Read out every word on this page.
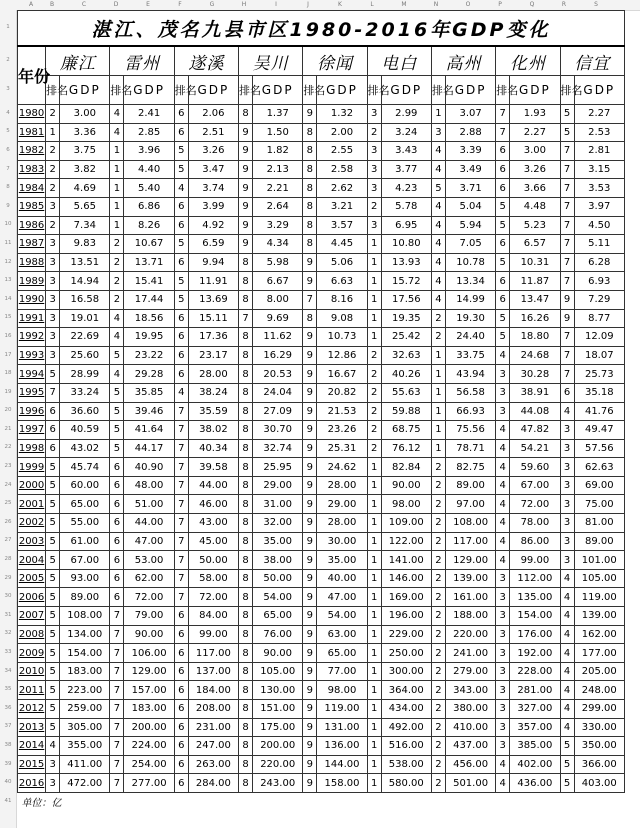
A	B	C	D	E	F	G	H	I	J	K	L	M	N	O	P	Q	R	S
1
2
3
4
5
6
7
8
9
10
11
12
13
14
15
16
17
18
19
20
21
22
23
24
25
26
27
28
29
30
31
32
33
34
35
36
37
38
39
40
41
湛江、茂名九县市区1980-2016年GDP变化																		
年份	廉江		雷州		遂溪		吴川		徐闻		电白		高州		化州		信宜	
	排名	GDP	排名	GDP	排名	GDP	排名	GDP	排名	GDP	排名	GDP	排名	GDP	排名	GDP	排名	GDP
1980	2	3.00	4	2.41	6	2.06	8	1.37	9	1.32	3	2.99	1	3.07	7	1.93	5	2.27
1981	1	3.36	4	2.85	6	2.51	9	1.50	8	2.00	2	3.24	3	2.88	7	2.27	5	2.53
1982	2	3.75	1	3.96	5	3.26	9	1.82	8	2.55	3	3.43	4	3.39	6	3.00	7	2.81
1983	2	3.82	1	4.40	5	3.47	9	2.13	8	2.58	3	3.77	4	3.49	6	3.26	7	3.15
1984	2	4.69	1	5.40	4	3.74	9	2.21	8	2.62	3	4.23	5	3.71	6	3.66	7	3.53
1985	3	5.65	1	6.86	6	3.99	9	2.64	8	3.21	2	5.78	4	5.04	5	4.48	7	3.97
1986	2	7.34	1	8.26	6	4.92	9	3.29	8	3.57	3	6.95	4	5.94	5	5.23	7	4.50
1987	3	9.83	2	10.67	5	6.59	9	4.34	8	4.45	1	10.80	4	7.05	6	6.57	7	5.11
1988	3	13.51	2	13.71	6	9.94	8	5.98	9	5.06	1	13.93	4	10.78	5	10.31	7	6.28
1989	3	14.94	2	15.41	5	11.91	8	6.67	9	6.63	1	15.72	4	13.34	6	11.87	7	6.93
1990	3	16.58	2	17.44	5	13.69	8	8.00	7	8.16	1	17.56	4	14.99	6	13.47	9	7.29
1991	3	19.01	4	18.56	6	15.11	7	9.69	8	9.08	1	19.35	2	19.30	5	16.26	9	8.77
1992	3	22.69	4	19.95	6	17.36	8	11.62	9	10.73	1	25.42	2	24.40	5	18.80	7	12.09
1993	3	25.60	5	23.22	6	23.17	8	16.29	9	12.86	2	32.63	1	33.75	4	24.68	7	18.07
1994	5	28.99	4	29.28	6	28.00	8	20.53	9	16.67	2	40.26	1	43.94	3	30.28	7	25.73
1995	7	33.24	5	35.85	4	38.24	8	24.04	9	20.82	2	55.63	1	56.58	3	38.91	6	35.18
1996	6	36.60	5	39.46	7	35.59	8	27.09	9	21.53	2	59.88	1	66.93	3	44.08	4	41.76
1997	6	40.59	5	41.64	7	38.02	8	30.70	9	23.26	2	68.75	1	75.56	4	47.82	3	49.47
1998	6	43.02	5	44.17	7	40.34	8	32.74	9	25.31	2	76.12	1	78.71	4	54.21	3	57.56
1999	5	45.74	6	40.90	7	39.58	8	25.95	9	24.62	1	82.84	2	82.75	4	59.60	3	62.63
2000	5	60.00	6	48.00	7	44.00	8	29.00	9	28.00	1	90.00	2	89.00	4	67.00	3	69.00
2001	5	65.00	6	51.00	7	46.00	8	31.00	9	29.00	1	98.00	2	97.00	4	72.00	3	75.00
2002	5	55.00	6	44.00	7	43.00	8	32.00	9	28.00	1	109.00	2	108.00	4	78.00	3	81.00
2003	5	61.00	6	47.00	7	45.00	8	35.00	9	30.00	1	122.00	2	117.00	4	86.00	3	89.00
2004	5	67.00	6	53.00	7	50.00	8	38.00	9	35.00	1	141.00	2	129.00	4	99.00	3	101.00
2005	5	93.00	6	62.00	7	58.00	8	50.00	9	40.00	1	146.00	2	139.00	3	112.00	4	105.00
2006	5	89.00	6	72.00	7	72.00	8	54.00	9	47.00	1	169.00	2	161.00	3	135.00	4	119.00
2007	5	108.00	7	79.00	6	84.00	8	65.00	9	54.00	1	196.00	2	188.00	3	154.00	4	139.00
2008	5	134.00	7	90.00	6	99.00	8	76.00	9	63.00	1	229.00	2	220.00	3	176.00	4	162.00
2009	5	154.00	7	106.00	6	117.00	8	90.00	9	65.00	1	250.00	2	241.00	3	192.00	4	177.00
2010	5	183.00	7	129.00	6	137.00	8	105.00	9	77.00	1	300.00	2	279.00	3	228.00	4	205.00
2011	5	223.00	7	157.00	6	184.00	8	130.00	9	98.00	1	364.00	2	343.00	3	281.00	4	248.00
2012	5	259.00	7	183.00	6	208.00	8	151.00	9	119.00	1	434.00	2	380.00	3	327.00	4	299.00
2013	5	305.00	7	200.00	6	231.00	8	175.00	9	131.00	1	492.00	2	410.00	3	357.00	4	330.00
2014	4	355.00	7	224.00	6	247.00	8	200.00	9	136.00	1	516.00	2	437.00	3	385.00	5	350.00
2015	3	411.00	7	254.00	6	263.00	8	220.00	9	144.00	1	538.00	2	456.00	4	402.00	5	366.00
2016	3	472.00	7	277.00	6	284.00	8	243.00	9	158.00	1	580.00	2	501.00	4	436.00	5	403.00
单位：亿																		
